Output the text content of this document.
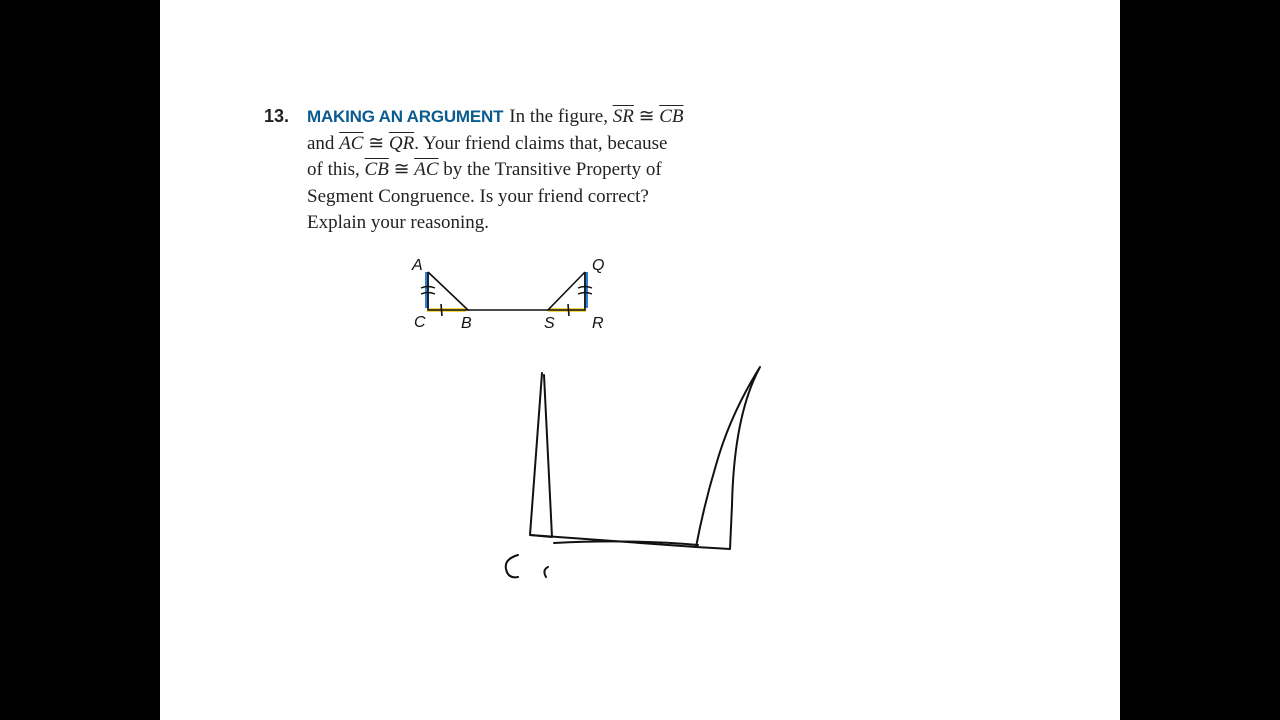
13. MAKING AN ARGUMENT In the figure, $\overline{SR}$ ≅ $\overline{CB}$
and $\overline{AC}$ ≅ $\overline{QR}$. Your friend claims that, because
of this, $\overline{CB}$ ≅ $\overline{AC}$ by the Transitive Property of
Segment Congruence. Is your friend correct?
Explain your reasoning.
A
C B	S
Q
R
